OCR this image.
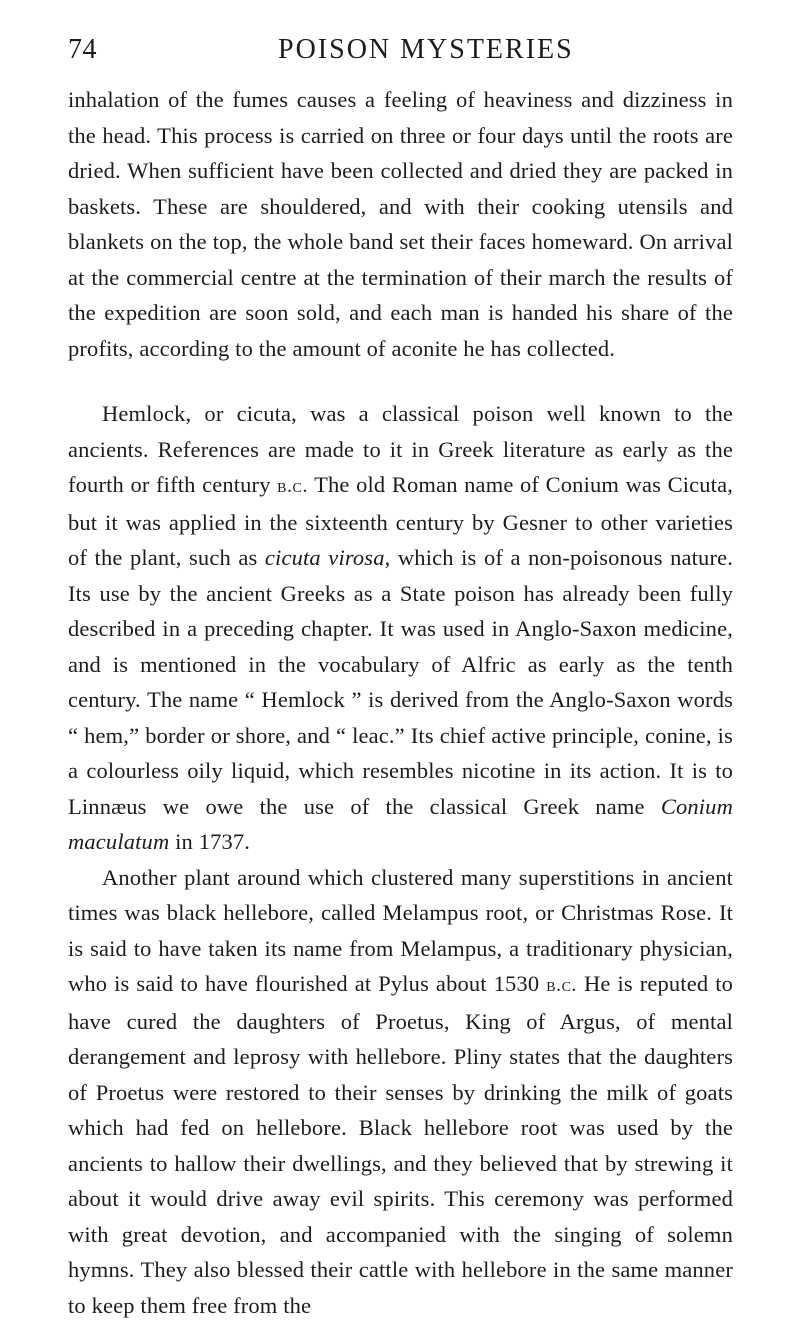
74	POISON MYSTERIES

inhalation of the fumes causes a feeling of heaviness and dizziness in the head. This process is carried on three or four days until the roots are dried. When sufficient have been collected and dried they are packed in baskets. These are shouldered, and with their cooking utensils and blankets on the top, the whole band set their faces homeward. On arrival at the commercial centre at the termination of their march the results of the expedition are soon sold, and each man is handed his share of the profits, according to the amount of aconite he has collected.

Hemlock, or cicuta, was a classical poison well known to the ancients. References are made to it in Greek literature as early as the fourth or fifth century b.c. The old Roman name of Conium was Cicuta, but it was applied in the sixteenth century by Gesner to other varieties of the plant, such as cicuta virosa, which is of a non-poisonous nature. Its use by the ancient Greeks as a State poison has already been fully described in a preceding chapter. It was used in Anglo-Saxon medicine, and is mentioned in the vocabulary of Alfric as early as the tenth century. The name “ Hemlock ” is derived from the Anglo-Saxon words “ hem,” border or shore, and “ leac.” Its chief active principle, conine, is a colourless oily liquid, which resembles nicotine in its action. It is to Linnæus we owe the use of the classical Greek name Conium maculatum in 1737.

Another plant around which clustered many superstitions in ancient times was black hellebore, called Melampus root, or Christmas Rose. It is said to have taken its name from Melampus, a traditionary physician, who is said to have flourished at Pylus about 1530 b.c. He is reputed to have cured the daughters of Proetus, King of Argus, of mental derangement and leprosy with hellebore. Pliny states that the daughters of Proetus were restored to their senses by drinking the milk of goats which had fed on hellebore. Black hellebore root was used by the ancients to hallow their dwellings, and they believed that by strewing it about it would drive away evil spirits. This ceremony was performed with great devotion, and accompanied with the singing of solemn hymns. They also blessed their cattle with hellebore in the same manner to keep them free from the
